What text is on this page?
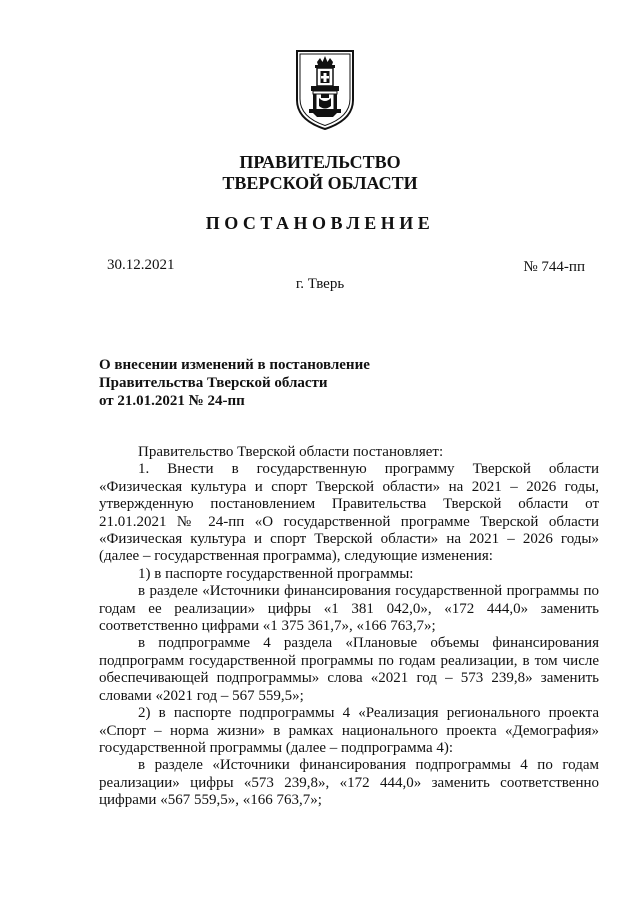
ПРАВИТЕЛЬСТВО
ТВЕРСКОЙ ОБЛАСТИ
ПОСТАНОВЛЕНИЕ
30.12.2021	№ 744-пп
г. Тверь
О внесении изменений в постановление
Правительства Тверской области
от 21.01.2021 № 24-пп

Правительство Тверской области постановляет:

1. Внести в государственную программу Тверской области «Физическая культура и спорт Тверской области» на 2021 – 2026 годы, утвержденную постановлением Правительства Тверской области от 21.01.2021 № 24-пп «О государственной программе Тверской области «Физическая культура и спорт Тверской области» на 2021 – 2026 годы» (далее – государственная программа), следующие изменения:

1) в паспорте государственной программы:

в разделе «Источники финансирования государственной программы по годам ее реализации» цифры «1 381 042,0», «172 444,0» заменить соответственно цифрами «1 375 361,7», «166 763,7»;

в подпрограмме 4 раздела «Плановые объемы финансирования подпрограмм государственной программы по годам реализации, в том числе обеспечивающей подпрограммы» слова «2021 год – 573 239,8» заменить словами «2021 год – 567 559,5»;

2) в паспорте подпрограммы 4 «Реализация регионального проекта «Спорт – норма жизни» в рамках национального проекта «Демография» государственной программы (далее – подпрограмма 4):

в разделе «Источники финансирования подпрограммы 4 по годам реализации» цифры «573 239,8», «172 444,0» заменить соответственно цифрами «567 559,5», «166 763,7»;
